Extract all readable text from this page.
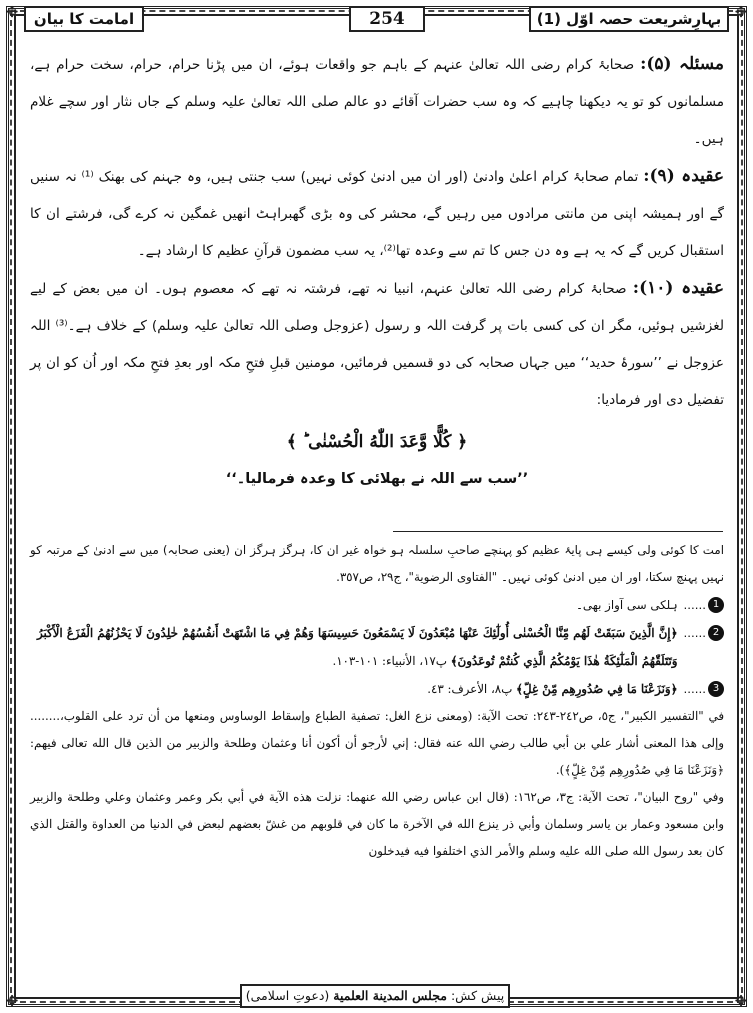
✥	✥
✥	✥
بہارِشریعت حصہ اوّل (1)
254
امامت کا بیان

مسئلہ (۵): صحابۂ کرام رضی اللہ تعالیٰ عنہم کے باہم جو واقعات ہوئے، ان میں پڑنا حرام، حرام، سخت حرام ہے، مسلمانوں کو تو یہ دیکھنا چاہیے کہ وہ سب حضرات آقائے دو عالم صلی اللہ تعالیٰ علیہ وسلم کے جاں نثار اور سچے غلام ہیں۔

عقیدہ (۹): تمام صحابۂ کرام اعلیٰ وادنیٰ (اور ان میں ادنیٰ کوئی نہیں) سب جنتی ہیں، وہ جہنم کی بھنک ⁽¹⁾ نہ سنیں گے اور ہمیشہ اپنی من مانتی مرادوں میں رہیں گے، محشر کی وہ بڑی گھبراہٹ انھیں غمگین نہ کرے گی، فرشتے ان کا استقبال کریں گے کہ یہ ہے وہ دن جس کا تم سے وعدہ تھا⁽²⁾، یہ سب مضمون قرآنِ عظیم کا ارشاد ہے۔

عقیدہ (۱۰): صحابۂ کرام رضی اللہ تعالیٰ عنہم، انبیا نہ تھے، فرشتہ نہ تھے کہ معصوم ہوں۔ ان میں بعض کے لیے لغزشیں ہوئیں، مگر ان کی کسی بات پر گرفت اللہ و رسول (عزوجل وصلی اللہ تعالیٰ علیہ وسلم) کے خلاف ہے۔⁽³⁾ اللہ عزوجل نے ’’سورۂ حدید‘‘ میں جہاں صحابہ کی دو قسمیں فرمائیں، مومنین قبلِ فتحِ مکہ اور بعدِ فتحِ مکہ اور اُن کو ان پر تفضیل دی اور فرمادیا:

﴿ كُلًّا وَّعَدَ اللّٰهُ الْحُسْنٰى ؕ ﴾

’’سب سے اللہ نے بھلائی کا وعدہ فرمالیا۔‘‘

امت کا کوئی ولی کیسے ہی پایۂ عظیم کو پہنچے صاحبِ سلسلہ ہو خواہ غیر ان کا، ہرگز ہرگز ان (یعنی صحابہ) میں سے ادنیٰ کے مرتبہ کو نہیں پہنچ سکتا، اور ان میں ادنیٰ کوئی نہیں۔ "الفتاوى الرضوية"، ج٢٩، ص٣٥٧.

1
......
ہلکی سی آواز بھی۔
2
......
﴿إِنَّ الَّذِينَ سَبَقَتْ لَهُم مِّنَّا الْحُسْنٰى أُولٰٓئِكَ عَنْهَا مُبْعَدُونَ لَا يَسْمَعُونَ حَسِيسَهَا وَهُمْ فِي مَا اشْتَهَتْ أَنفُسُهُمْ خٰلِدُونَ لَا يَحْزُنُهُمُ الْفَزَعُ الْأَكْبَرُ وَتَتَلَقّٰهُمُ الْمَلٰٓئِكَةُ هٰذَا يَوْمُكُمُ الَّذِي كُنتُمْ تُوعَدُونَ﴾ پ١٧، الأنبياء: ١٠١-١٠٣.
3
......
﴿وَنَزَعْنَا مَا فِي صُدُورِهِم مِّنْ غِلٍّ﴾ پ٨، الأعرف: ٤٣.

في "التفسير الكبير"، ج٥، ص٢٤٢-٢٤٣: تحت الآية: (ومعنى نزع الغل: تصفية الطباع وإسقاط الوساوس ومنعها من أن ترد على القلوب،........ وإلى هذا المعنى أشار علي بن أبي طالب رضي الله عنه فقال: إني لأرجو أن أكون أنا وعثمان وطلحة والزبير من الذين قال الله تعالى فيهم: ﴿وَنَزَعْنَا مَا فِي صُدُورِهِم مِّنْ غِلٍّ﴾).

وفي "روح البيان"، تحت الآية: ج٣، ص١٦٢: (قال ابن عباس رضي الله عنهما: نزلت هذه الآية في أبي بكر وعمر وعثمان وعلي وطلحة والزبير وابن مسعود وعمار بن ياسر وسلمان وأبي ذر ينزع الله في الآخرة ما كان في قلوبهم من غشّ بعضهم لبعض في الدنيا من العداوة والقتل الذي كان بعد رسول الله صلى الله عليه وسلم والأمر الذي اختلفوا فيه فيدخلون

پیش کش: مجلس المدينة العلمية (دعوتِ اسلامی)
